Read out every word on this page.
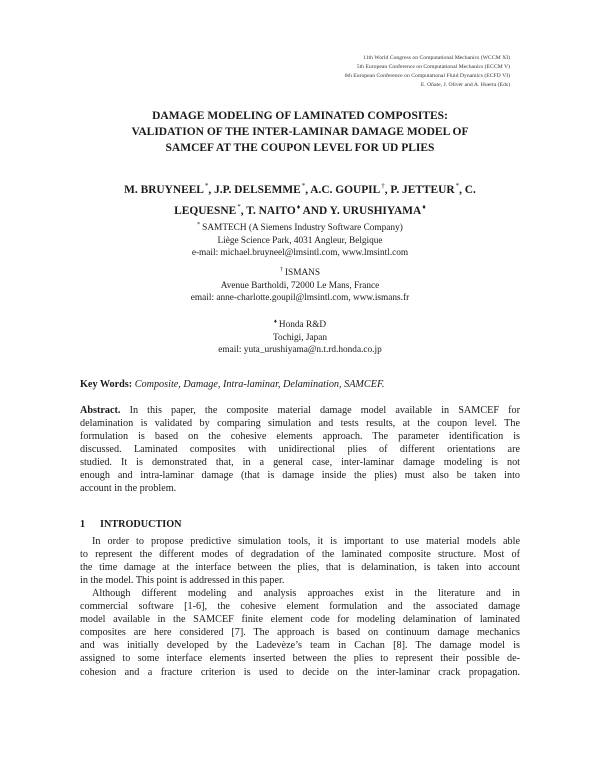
11th World Congress on Computational Mechanics (WCCM XI)
5th European Conference on Computational Mechanics (ECCM V)
6th European Conference on Computational Fluid Dynamics (ECFD VI)
E. Oñate, J. Oliver and A. Huerta (Eds)
DAMAGE MODELING OF LAMINATED COMPOSITES:
VALIDATION OF THE INTER-LAMINAR DAMAGE MODEL OF
SAMCEF AT THE COUPON LEVEL FOR UD PLIES
M. BRUYNEEL*, J.P. DELSEMME*, A.C. GOUPIL†, P. JETTEUR*, C.
LEQUESNE*, T. NAITO♦ AND Y. URUSHIYAMA♦
* SAMTECH (A Siemens Industry Software Company)
Liège Science Park, 4031 Angleur, Belgique
e-mail: michael.bruyneel@lmsintl.com, www.lmsintl.com
† ISMANS
Avenue Bartholdi, 72000 Le Mans, France
email: anne-charlotte.goupil@lmsintl.com, www.ismans.fr
♦ Honda R&D
Tochigi, Japan
email: yuta_urushiyama@n.t.rd.honda.co.jp
Key Words: Composite, Damage, Intra-laminar, Delamination, SAMCEF.
Abstract. In this paper, the composite material damage model available in SAMCEF for
delamination is validated by comparing simulation and tests results, at the coupon level. The
formulation is based on the cohesive elements approach. The parameter identification is
discussed. Laminated composites with unidirectional plies of different orientations are
studied. It is demonstrated that, in a general case, inter-laminar damage modeling is not
enough and intra-laminar damage (that is damage inside the plies) must also be taken into
account in the problem.
1 INTRODUCTION
In order to propose predictive simulation tools, it is important to use material models able
to represent the different modes of degradation of the laminated composite structure. Most of
the time damage at the interface between the plies, that is delamination, is taken into account
in the model. This point is addressed in this paper.
Although different modeling and analysis approaches exist in the literature and in
commercial software [1-6], the cohesive element formulation and the associated damage
model available in the SAMCEF finite element code for modeling delamination of laminated
composites are here considered [7]. The approach is based on continuum damage mechanics
and was initially developed by the Ladevèze’s team in Cachan [8]. The damage model is
assigned to some interface elements inserted between the plies to represent their possible de-
cohesion and a fracture criterion is used to decide on the inter-laminar crack propagation.
